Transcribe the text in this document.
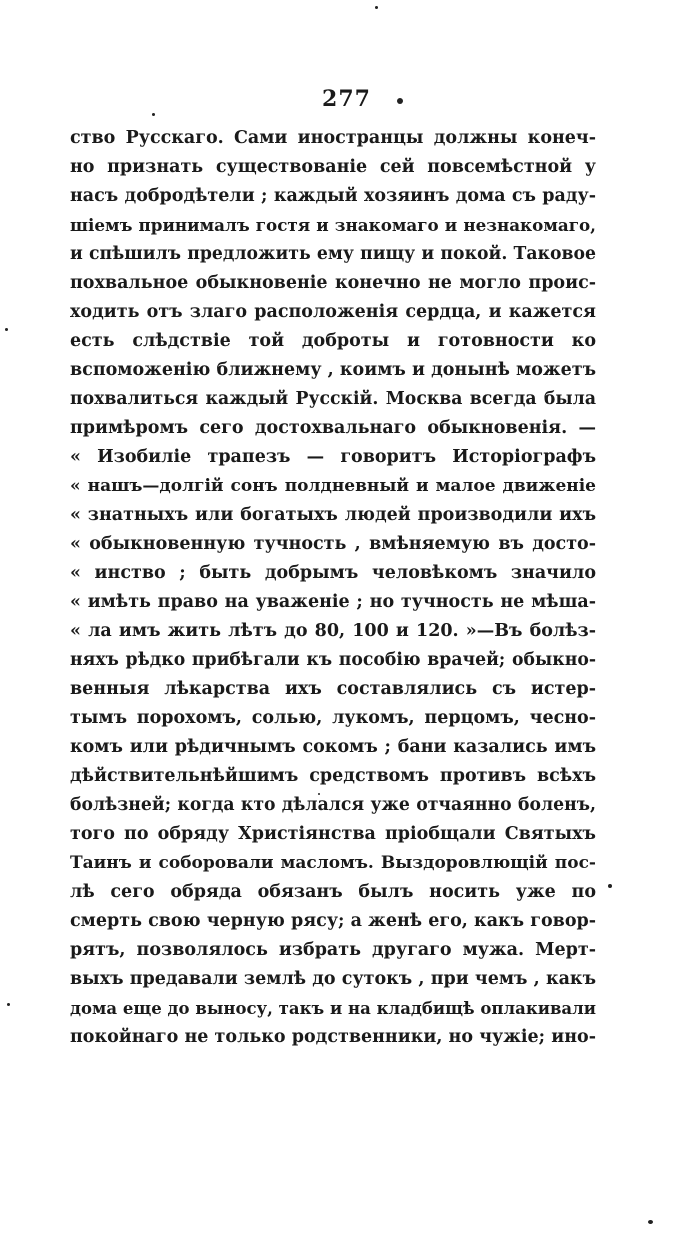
277
ство Русскаго. Сами иностранцы должны конеч-
но признать существованiе сей повсемѣстной у
насъ добродѣтели ; каждый хозяинъ дома съ раду-
шiемъ принималъ гостя и знакомаго и незнакомаго,
и спѣшилъ предложить ему пищу и покой. Таковое
похвальное обыкновенiе конечно не могло проис-
ходить отъ злаго расположенiя сердца, и кажется
есть слѣдствiе той доброты и готовности ко
вспоможенiю ближнему , коимъ и донынѣ можетъ
похвалиться каждый Русскiй. Москва всегда была
примѣромъ сего достохвальнаго обыкновенiя. —
« Изобилiе трапезъ — говоритъ Исторiографъ
« нашъ—долгiй сонъ полдневный и малое движенiе
« знатныхъ или богатыхъ людей производили ихъ
« обыкновенную тучность , вмѣняемую въ досто-
« инство ; быть добрымъ человѣкомъ значило
« имѣть право на уваженiе ; но тучность не мѣша-
« ла имъ жить лѣтъ до 80, 100 и 120. »—Въ болѣз-
няхъ рѣдко прибѣгали къ пособiю врачей; обыкно-
венныя лѣкарства ихъ составлялись съ истер-
тымъ порохомъ, солью, лукомъ, перцомъ, чесно-
комъ или рѣдичнымъ сокомъ ; бани казались имъ
дѣйствительнѣйшимъ средствомъ противъ всѣхъ
болѣзней; когда кто дѣлался уже отчаянно боленъ,
того по обряду Христiянства прiобщали Святыхъ
Таинъ и соборовали масломъ. Выздоровлющiй пос-
лѣ сего обряда обязанъ былъ носить уже по
смерть свою черную рясу; а женѣ его, какъ говоp-
рятъ, позволялось избрать другаго мужа. Мерт-
выхъ предавали землѣ до сутокъ , при чемъ , какъ
дома еще до выносу, такъ и на кладбищѣ оплакивали
покойнаго не только родственники, но чужiе; ино-
